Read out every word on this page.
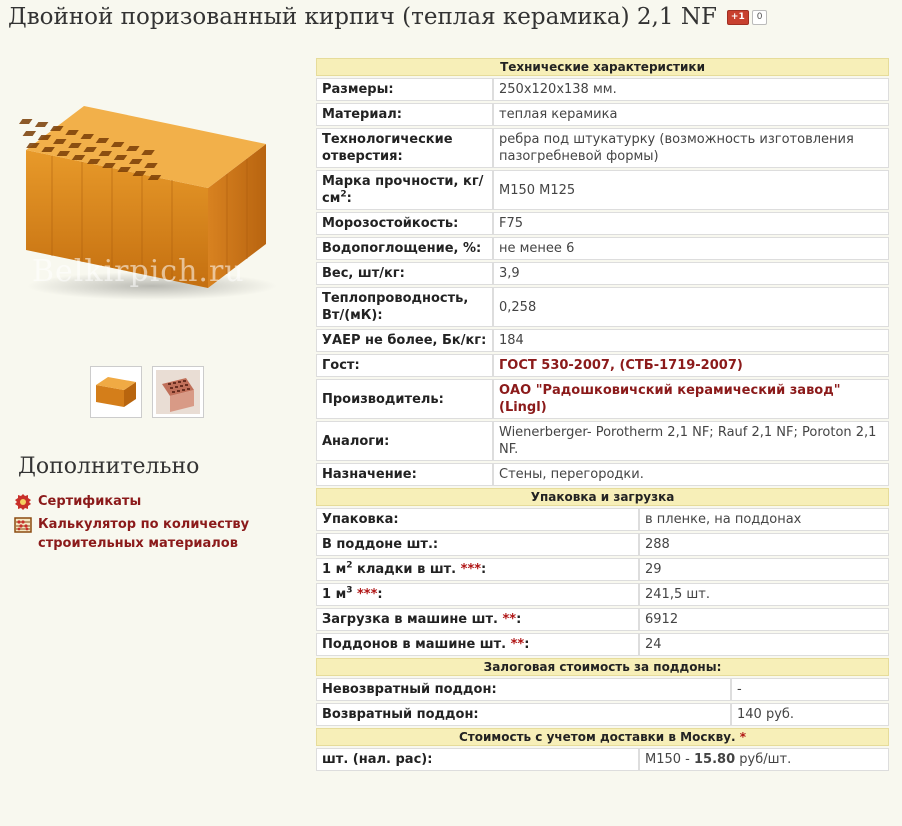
Двойной поризованный кирпич (теплая керамика) 2,1 NF	+1	0
Belkirpich.ru
Дополнительно
Сертификаты
Калькулятор по количеству строительных материалов
Технические характеристики			
Размеры:	250х120х138 мм.		
Материал:	теплая керамика		
Технологические отверстия:	ребра под штукатурку (возможность изготовления пазогребневой формы)		
Марка прочности, $кг/см^2$:	М150 М125		
Морозостойкость:	F75		
Водопоглощение, %:	не менее 6		
Вес, шт/кг:	3,9		
Теплопроводность, Вт/(мК):	0,258		
УАЕР не более, Бк/кг:	184		
Гост:	ГОСТ 530-2007, (СТБ-1719-2007)		
Производитель:	ОАО "Радошковичский керамический завод" (Lingl)		
Аналоги:	Wienerberger- Porotherm 2,1 NF; Rauf 2,1 NF; Poroton 2,1 NF.		
Назначение:	Стены, перегородки.		
Упаковка и загрузка			
Упаковка:		в пленке, на поддонах	
В поддоне шт.:		288	
1 $м^2$ кладки в шт. ***:		29	
1 $м^3$ ***:		241,5 шт.	
Загрузка в машине шт. **:		6912	
Поддонов в машине шт. **:		24	
Залоговая стоимость за поддоны:			
Невозвратный поддон:			-
Возвратный поддон:			140 руб.
Стоимость с учетом доставки в Москву. *			
шт. (нал. рас):		М150 - 15.80 руб/шт.	
